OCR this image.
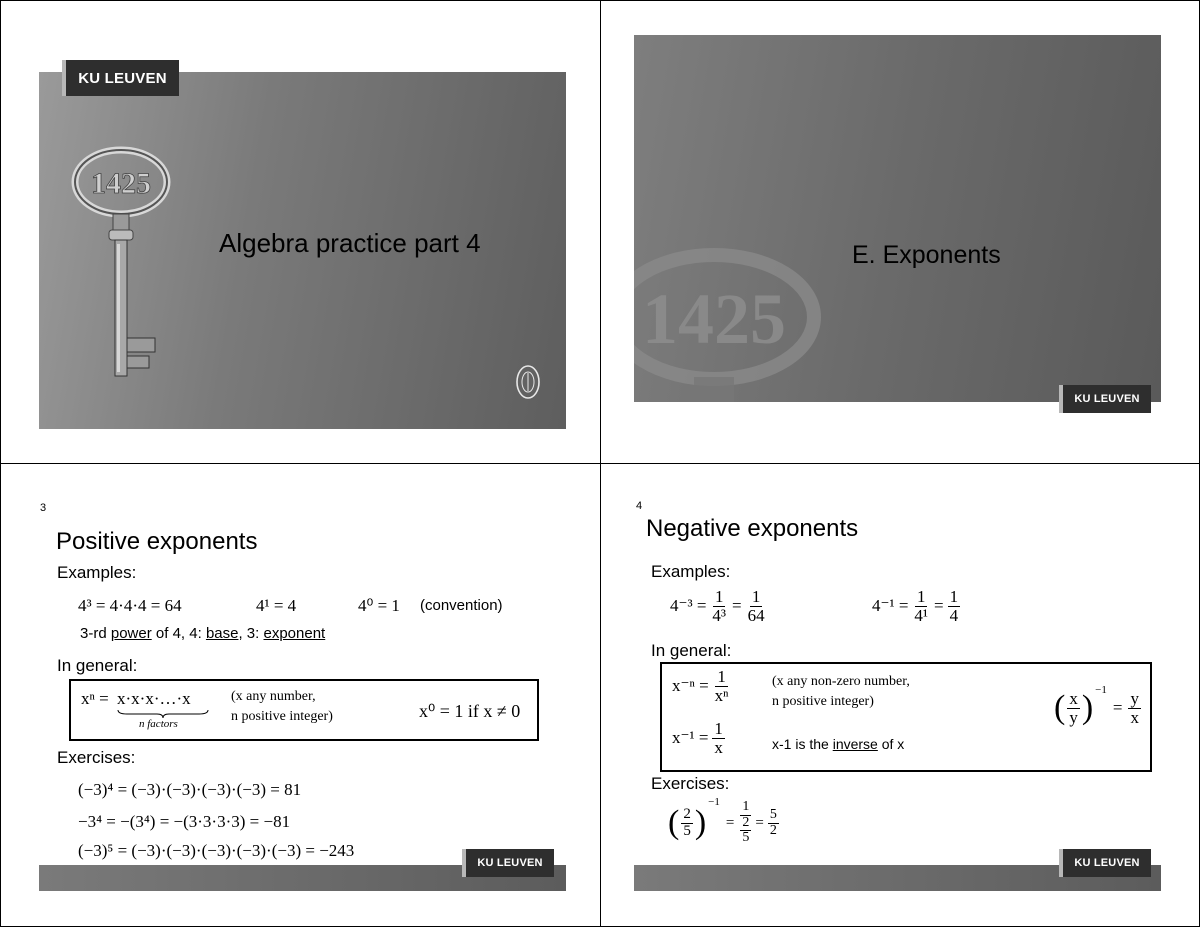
1425
Algebra practice part 4
KU LEUVEN
1425
E. Exponents
KU LEUVEN
3
Positive exponents
Examples:
4³ = 4·4·4 = 64	4¹ = 4	4⁰ = 1 (convention)
3-rd power of 4, 4: base, 3: exponent
In general:
xⁿ = x·x·x·…·x
n factors
(x any number,
n positive integer)	x⁰ = 1 if x ≠ 0
Exercises:
(−3)⁴ = (−3)·(−3)·(−3)·(−3) = 81
−3⁴ = −(3⁴) = −(3·3·3·3) = −81
(−3)⁵ = (−3)·(−3)·(−3)·(−3)·(−3) = −243
KU LEUVEN
4
Negative exponents
Examples:
$4^{-3} = \frac{1}{\text{4³}} = \frac{1}{64}$	$4^{-1} = \frac{1}{\text{4¹}} = \frac{1}{4}$
In general:
$x^{-n} = \frac{1}{\text{xⁿ}}$	(x any non-zero number,
n positive integer)
$x^{-1} = \frac{1}{x}$	x-1 is the inverse of x
( $\frac{x}{y} )^{-1}$
= $\frac{y}{x}$
Exercises:
( $\frac{2}{5}$ )
$^{-1}$
=
1
2
5
= $\frac{5}{2}$
KU LEUVEN
